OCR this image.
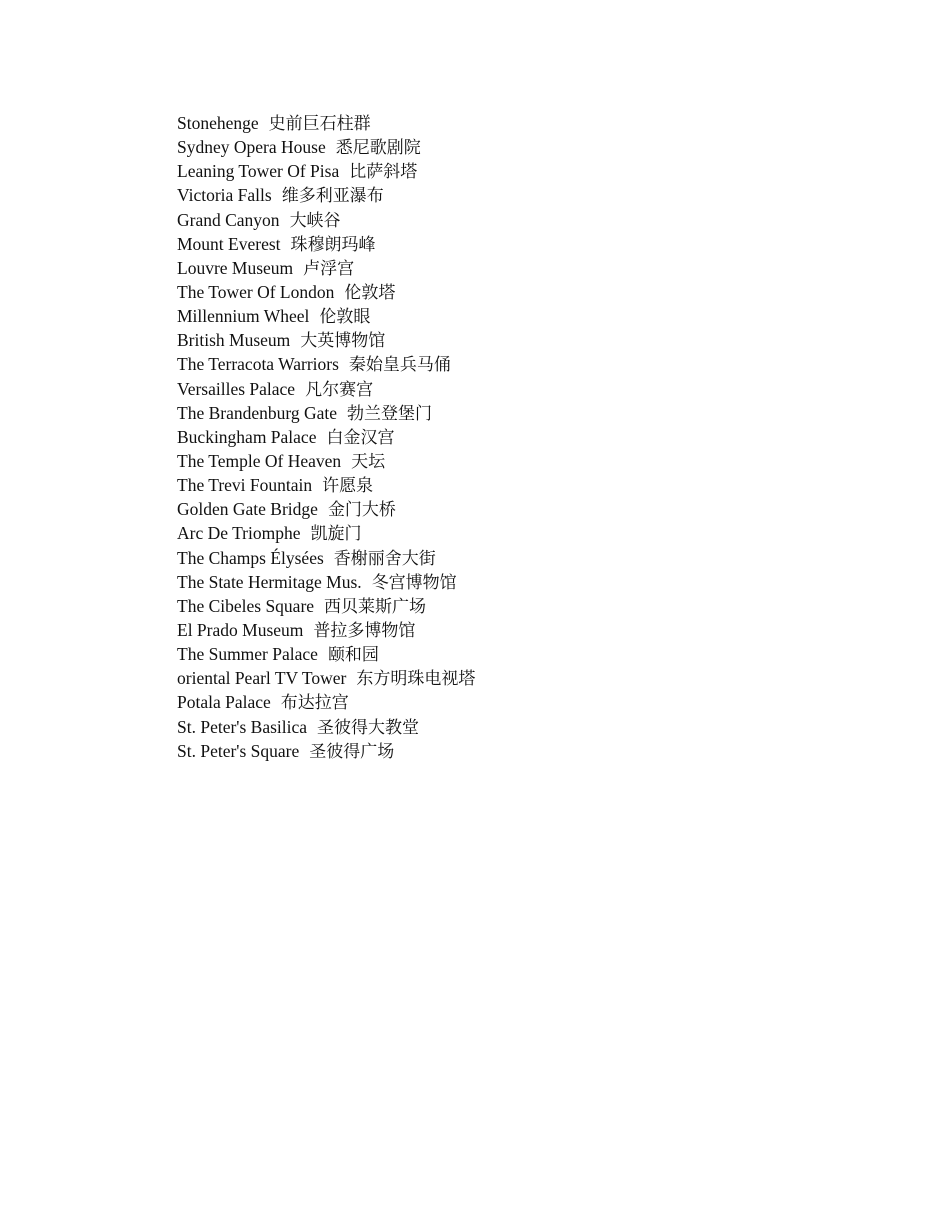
Stonehenge 史前巨石柱群
Sydney Opera House 悉尼歌剧院
Leaning Tower Of Pisa 比萨斜塔
Victoria Falls 维多利亚瀑布
Grand Canyon 大峡谷
Mount Everest 珠穆朗玛峰
Louvre Museum 卢浮宫
The Tower Of London 伦敦塔
Millennium Wheel 伦敦眼
British Museum 大英博物馆
The Terracota Warriors 秦始皇兵马俑
Versailles Palace 凡尔赛宫
The Brandenburg Gate 勃兰登堡门
Buckingham Palace 白金汉宫
The Temple Of Heaven 天坛
The Trevi Fountain 许愿泉
Golden Gate Bridge 金门大桥
Arc De Triomphe 凯旋门
The Champs Élysées 香榭丽舍大街
The State Hermitage Mus. 冬宫博物馆
The Cibeles Square 西贝莱斯广场
El Prado Museum 普拉多博物馆
The Summer Palace 颐和园
oriental Pearl TV Tower 东方明珠电视塔
Potala Palace 布达拉宫
St. Peter's Basilica 圣彼得大教堂
St. Peter's Square 圣彼得广场
